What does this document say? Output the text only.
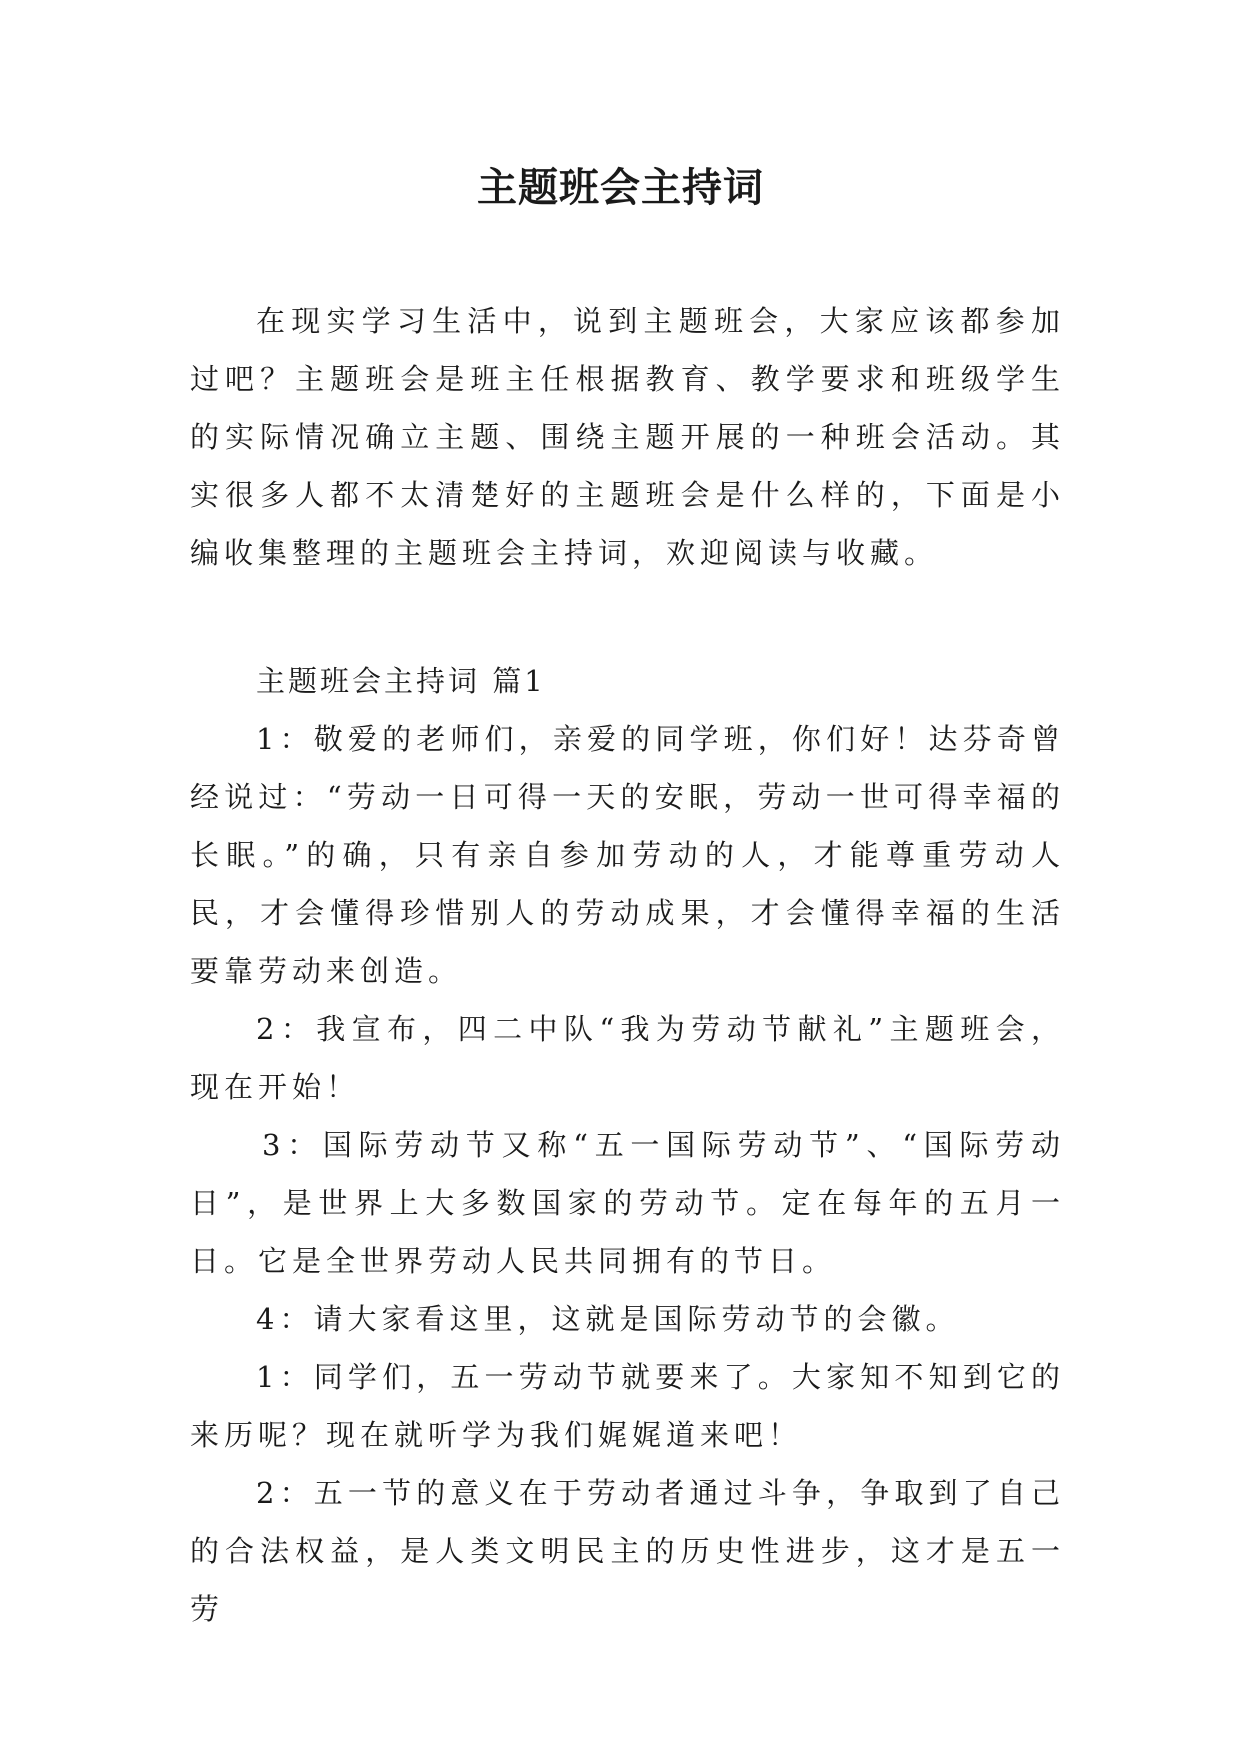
主题班会主持词

在现实学习生活中，说到主题班会，大家应该都参加过吧？主题班会是班主任根据教育、教学要求和班级学生的实际情况确立主题、围绕主题开展的一种班会活动。其实很多人都不太清楚好的主题班会是什么样的，下面是小编收集整理的主题班会主持词，欢迎阅读与收藏。

主题班会主持词 篇1

1：敬爱的老师们，亲爱的同学班，你们好！达芬奇曾经说过：“劳动一日可得一天的安眠，劳动一世可得幸福的长眠。”的确，只有亲自参加劳动的人，才能尊重劳动人民，才会懂得珍惜别人的劳动成果，才会懂得幸福的生活要靠劳动来创造。

2：我宣布，四二中队“我为劳动节献礼”主题班会，现在开始！

3：国际劳动节又称“五一国际劳动节”、“国际劳动日”，是世界上大多数国家的劳动节。定在每年的五月一日。它是全世界劳动人民共同拥有的节日。

4：请大家看这里，这就是国际劳动节的会徽。

1：同学们，五一劳动节就要来了。大家知不知到它的来历呢？现在就听学为我们娓娓道来吧！

2：五一节的意义在于劳动者通过斗争，争取到了自己的合法权益，是人类文明民主的历史性进步，这才是五一劳
